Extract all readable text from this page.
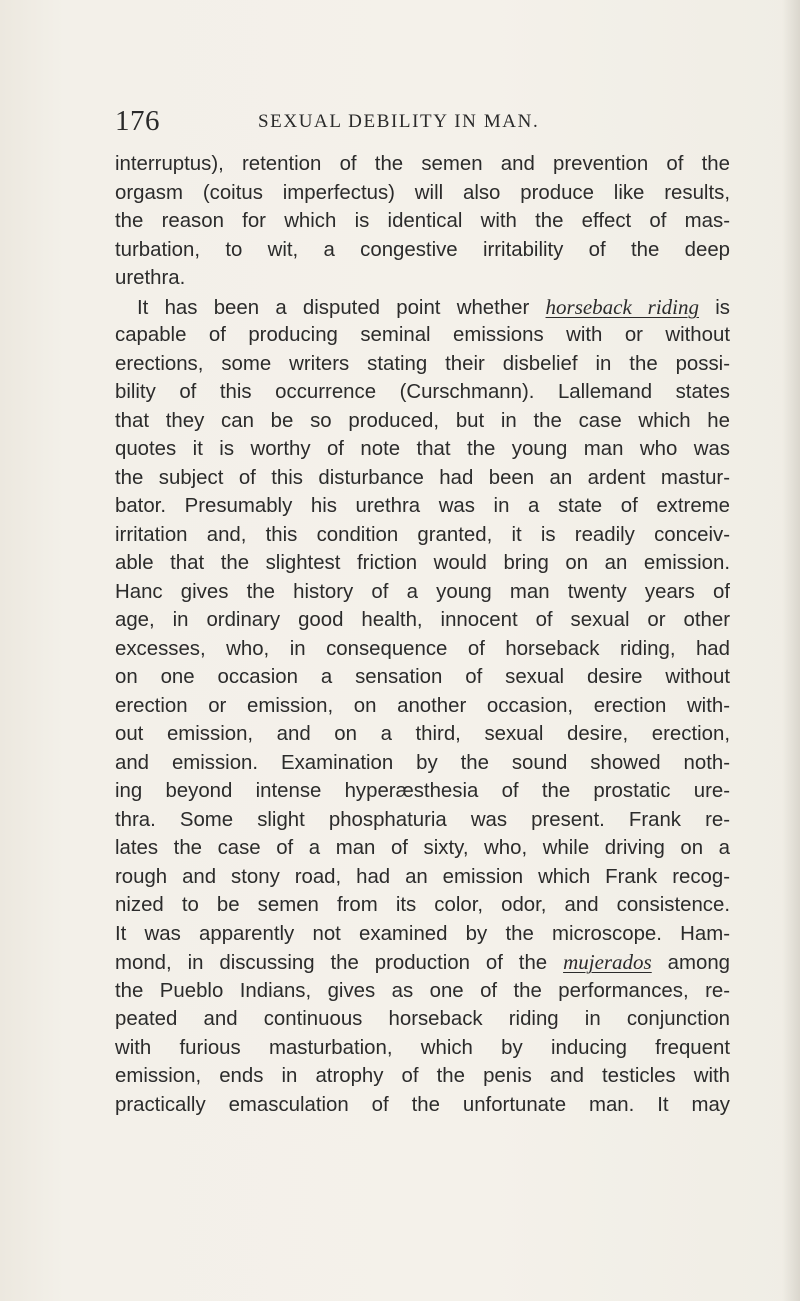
176	SEXUAL DEBILITY IN MAN.
interruptus), retention of the semen and prevention of the
orgasm (coitus imperfectus) will also produce like results,
the reason for which is identical with the effect of mas-
turbation, to wit, a congestive irritability of the deep
urethra.
It has been a disputed point whether horseback riding is
capable of producing seminal emissions with or without
erections, some writers stating their disbelief in the possi-
bility of this occurrence (Curschmann). Lallemand states
that they can be so produced, but in the case which he
quotes it is worthy of note that the young man who was
the subject of this disturbance had been an ardent mastur-
bator. Presumably his urethra was in a state of extreme
irritation and, this condition granted, it is readily conceiv-
able that the slightest friction would bring on an emission.
Hanc gives the history of a young man twenty years of
age, in ordinary good health, innocent of sexual or other
excesses, who, in consequence of horseback riding, had
on one occasion a sensation of sexual desire without
erection or emission, on another occasion, erection with-
out emission, and on a third, sexual desire, erection,
and emission. Examination by the sound showed noth-
ing beyond intense hyperæsthesia of the prostatic ure-
thra. Some slight phosphaturia was present. Frank re-
lates the case of a man of sixty, who, while driving on a
rough and stony road, had an emission which Frank recog-
nized to be semen from its color, odor, and consistence.
It was apparently not examined by the microscope. Ham-
mond, in discussing the production of the mujerados among
the Pueblo Indians, gives as one of the performances, re-
peated and continuous horseback riding in conjunction
with furious masturbation, which by inducing frequent
emission, ends in atrophy of the penis and testicles with
practically emasculation of the unfortunate man. It may
